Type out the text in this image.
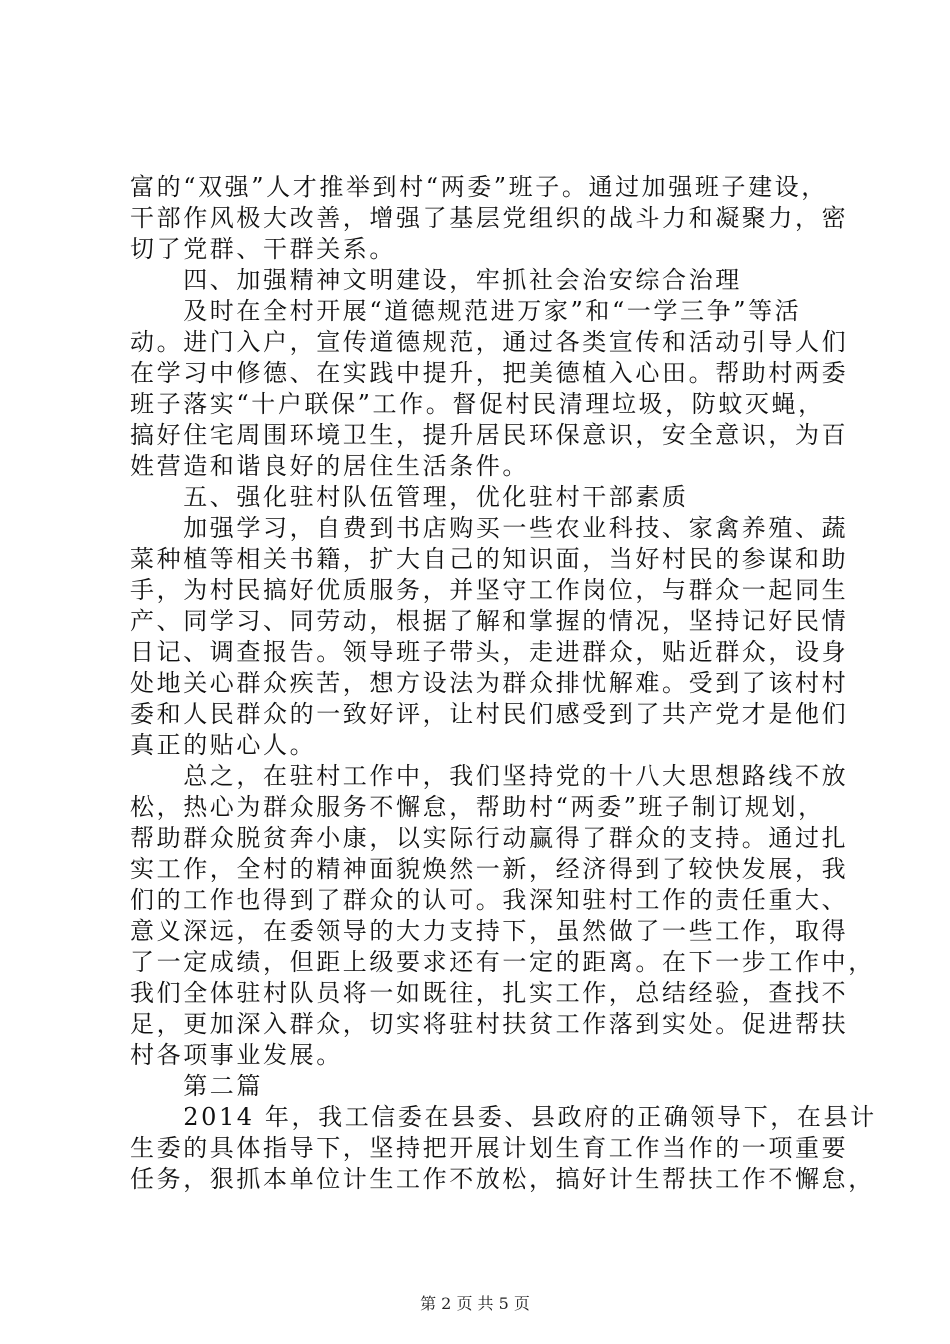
富的“双强”人才推举到村“两委”班子。通过加强班子建设，
干部作风极大改善，增强了基层党组织的战斗力和凝聚力，密
切了党群、干群关系。
　　四、加强精神文明建设，牢抓社会治安综合治理
　　及时在全村开展“道德规范进万家”和“一学三争”等活
动。进门入户，宣传道德规范，通过各类宣传和活动引导人们
在学习中修德、在实践中提升，把美德植入心田。帮助村两委
班子落实“十户联保”工作。督促村民清理垃圾，防蚊灭蝇，
搞好住宅周围环境卫生，提升居民环保意识，安全意识，为百
姓营造和谐良好的居住生活条件。
　　五、强化驻村队伍管理，优化驻村干部素质
　　加强学习，自费到书店购买一些农业科技、家禽养殖、蔬
菜种植等相关书籍，扩大自己的知识面，当好村民的参谋和助
手，为村民搞好优质服务，并坚守工作岗位，与群众一起同生
产、同学习、同劳动，根据了解和掌握的情况，坚持记好民情
日记、调查报告。领导班子带头，走进群众，贴近群众，设身
处地关心群众疾苦，想方设法为群众排忧解难。受到了该村村
委和人民群众的一致好评，让村民们感受到了共产党才是他们
真正的贴心人。
　　总之，在驻村工作中，我们坚持党的十八大思想路线不放
松，热心为群众服务不懈怠，帮助村“两委”班子制订规划，
帮助群众脱贫奔小康，以实际行动赢得了群众的支持。通过扎
实工作，全村的精神面貌焕然一新，经济得到了较快发展，我
们的工作也得到了群众的认可。我深知驻村工作的责任重大、
意义深远，在委领导的大力支持下，虽然做了一些工作，取得
了一定成绩，但距上级要求还有一定的距离。在下一步工作中，
我们全体驻村队员将一如既往，扎实工作，总结经验，查找不
足，更加深入群众，切实将驻村扶贫工作落到实处。促进帮扶
村各项事业发展。
　　第二篇
　　2014 年，我工信委在县委、县政府的正确领导下，在县计
生委的具体指导下，坚持把开展计划生育工作当作的一项重要
任务，狠抓本单位计生工作不放松，搞好计生帮扶工作不懈怠，
第 2 页 共 5 页
